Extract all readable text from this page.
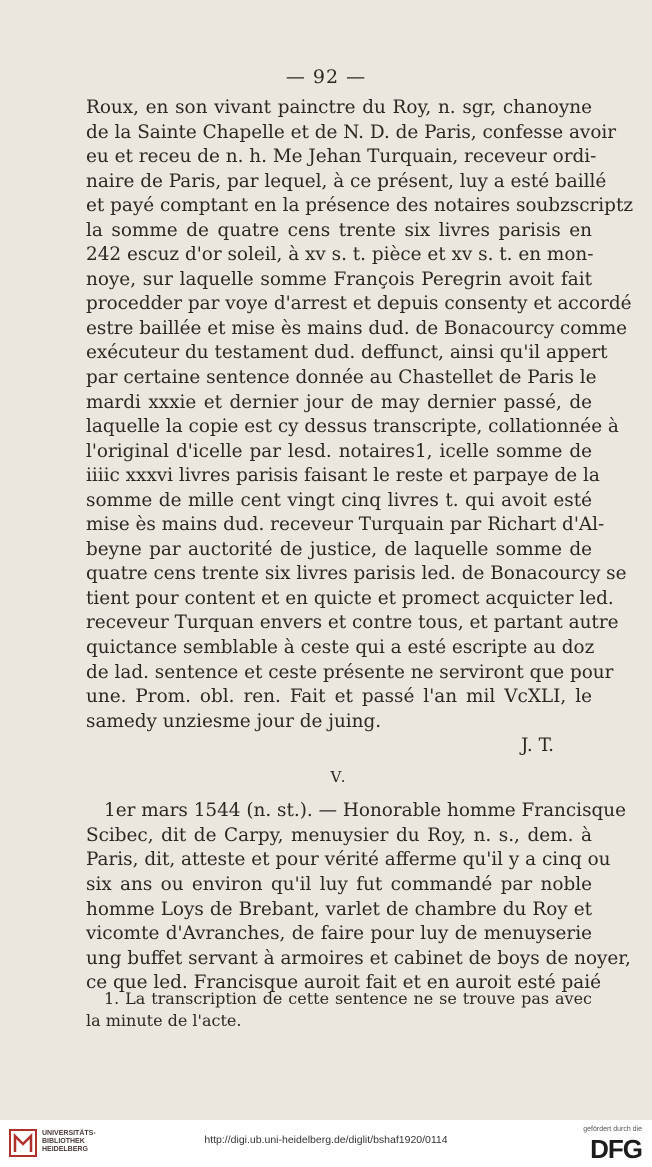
— 92 —
Roux, en son vivant painctre du Roy, n. sgr, chanoyne
de la Sainte Chapelle et de N. D. de Paris, confesse avoir
eu et receu de n. h. Me Jehan Turquain, receveur ordi-
naire de Paris, par lequel, à ce présent, luy a esté baillé
et payé comptant en la présence des notaires soubzscriptz
la somme de quatre cens trente six livres parisis en
242 escuz d'or soleil, à xv s. t. pièce et xv s. t. en mon-
noye, sur laquelle somme François Peregrin avoit fait
procedder par voye d'arrest et depuis consenty et accordé
estre baillée et mise ès mains dud. de Bonacourcy comme
exécuteur du testament dud. deffunct, ainsi qu'il appert
par certaine sentence donnée au Chastellet de Paris le
mardi xxxie et dernier jour de may dernier passé, de
laquelle la copie est cy dessus transcripte, collationnée à
l'original d'icelle par lesd. notaires1, icelle somme de
iiiic xxxvi livres parisis faisant le reste et parpaye de la
somme de mille cent vingt cinq livres t. qui avoit esté
mise ès mains dud. receveur Turquain par Richart d'Al-
beyne par auctorité de justice, de laquelle somme de
quatre cens trente six livres parisis led. de Bonacourcy se
tient pour content et en quicte et promect acquicter led.
receveur Turquan envers et contre tous, et partant autre
quictance semblable à ceste qui a esté escripte au doz
de lad. sentence et ceste présente ne serviront que pour
une. Prom. obl. ren. Fait et passé l'an mil VcXLI, le
samedy unziesme jour de juing.
J. T.
V.
1er mars 1544 (n. st.). — Honorable homme Francisque
Scibec, dit de Carpy, menuysier du Roy, n. s., dem. à
Paris, dit, atteste et pour vérité afferme qu'il y a cinq ou
six ans ou environ qu'il luy fut commandé par noble
homme Loys de Brebant, varlet de chambre du Roy et
vicomte d'Avranches, de faire pour luy de menuyserie
ung buffet servant à armoires et cabinet de boys de noyer,
ce que led. Francisque auroit fait et en auroit esté paié
1. La transcription de cette sentence ne se trouve pas avec
la minute de l'acte.
UNIVERSITÄTS-
BIBLIOTHEK
HEIDELBERG
http://digi.ub.uni-heidelberg.de/diglit/bshaf1920/0114
gefördert durch die
DFG
